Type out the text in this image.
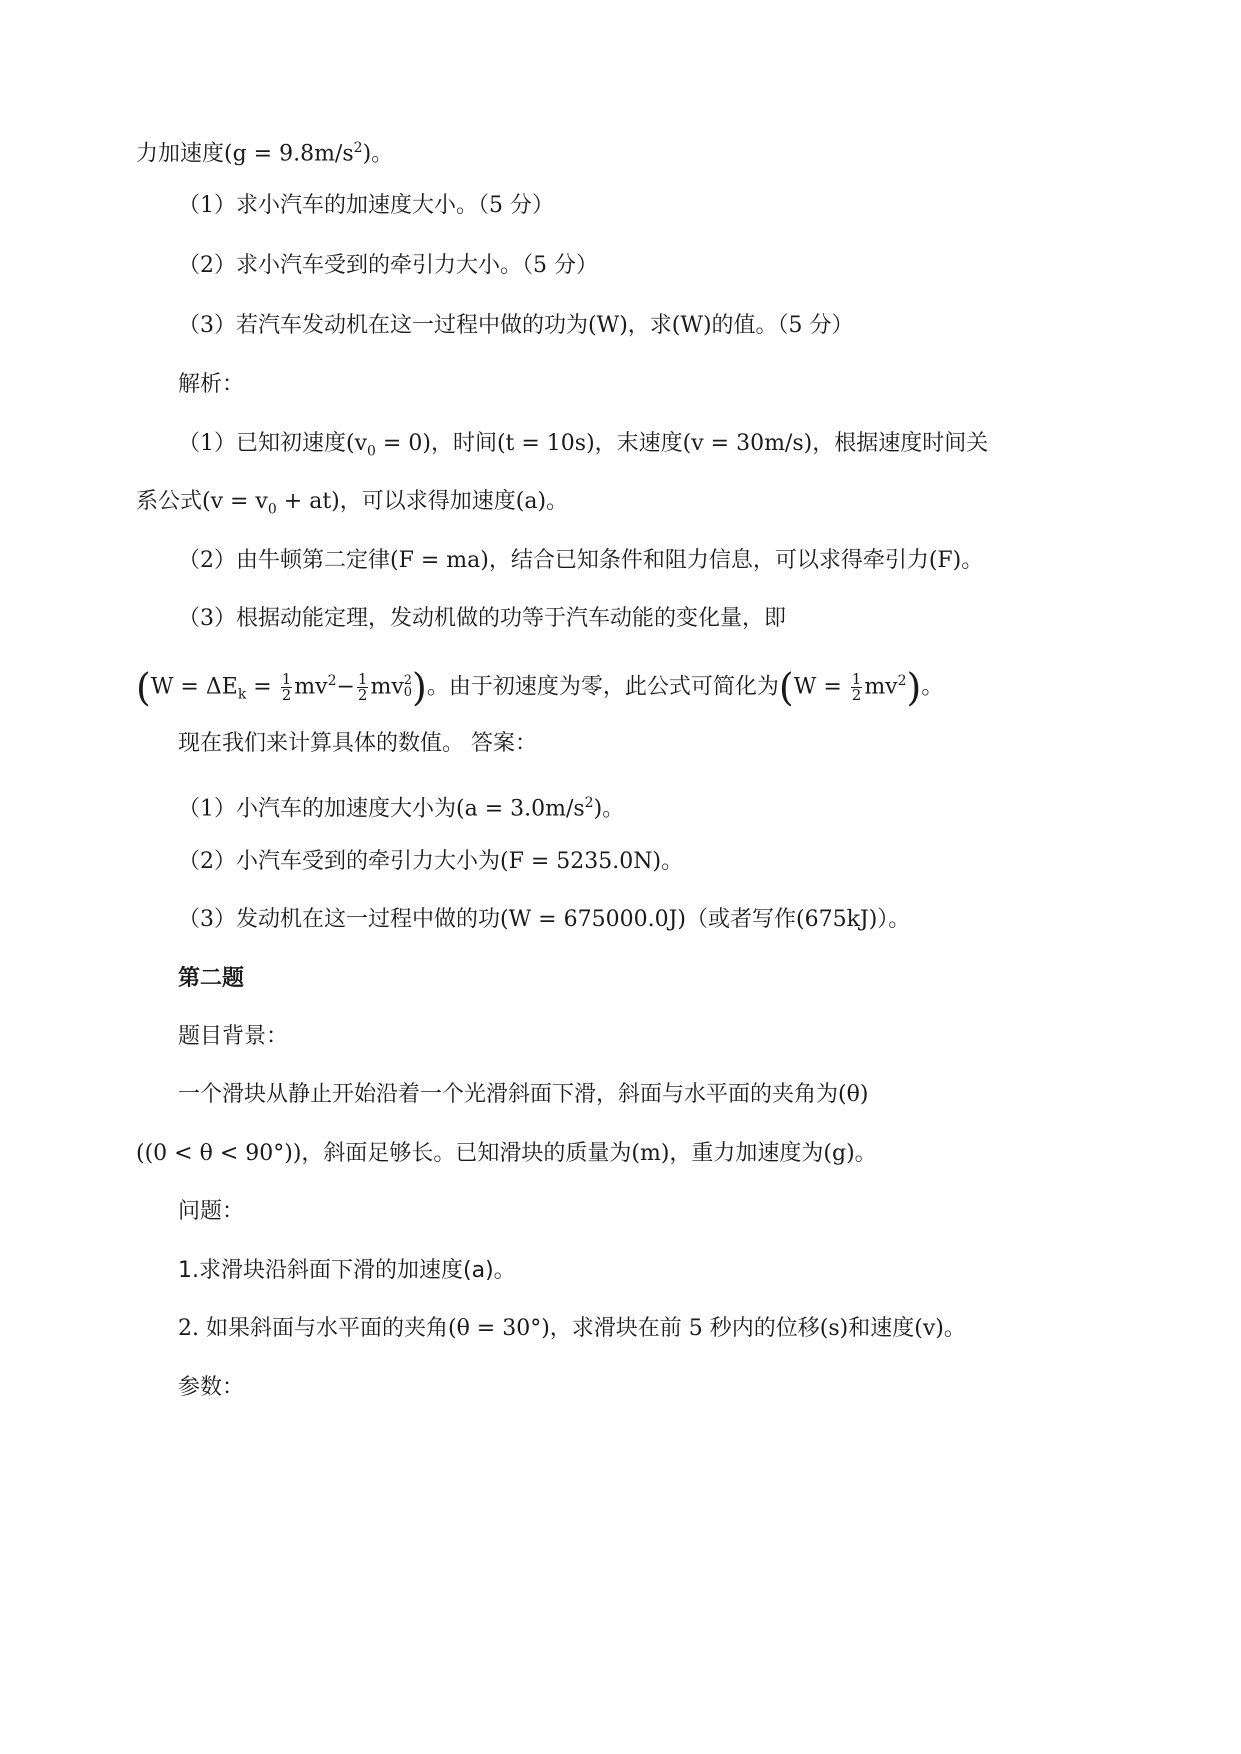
力加速度$(g = 9.8m/s^2)$。
（1）求小汽车的加速度大小。（5 分）
（2）求小汽车受到的牵引力大小。（5 分）
（3）若汽车发动机在这一过程中做的功为(W)，求(W)的值。（5 分）
解析：
（1）已知初速度$(v_0 = 0)$，时间(t = 10s)，末速度(v = 30m/s)，根据速度时间关
系公式$(v = v_0 + at)$，可以求得加速度(a)。
（2）由牛顿第二定律(F = ma)，结合已知条件和阻力信息，可以求得牵引力(F)。
（3）根据动能定理，发动机做的功等于汽车动能的变化量，即
($W = \Delta E_k = \frac{1}{2} mv^2- \frac{1}{2}$ mv 2
0 )。由于初速度为零，此公式可简化为$(W = \frac{1}{2} mv^2)$。
现在我们来计算具体的数值。 答案：
（1）小汽车的加速度大小为$(a = 3.0m/s^2)$。
（2）小汽车受到的牵引力大小为(F = 5235.0N)。
（3）发动机在这一过程中做的功(W = 675000.0J)（或者写作(675kJ)）。
第二题
题目背景：
一个滑块从静止开始沿着一个光滑斜面下滑，斜面与水平面的夹角为(θ)
((0 < θ < 90°))，斜面足够长。已知滑块的质量为(m)，重力加速度为(g)。
问题：
1.求滑块沿斜面下滑的加速度(a)。
2. 如果斜面与水平面的夹角(θ = 30°)，求滑块在前 5 秒内的位移(s)和速度(v)。
参数：
